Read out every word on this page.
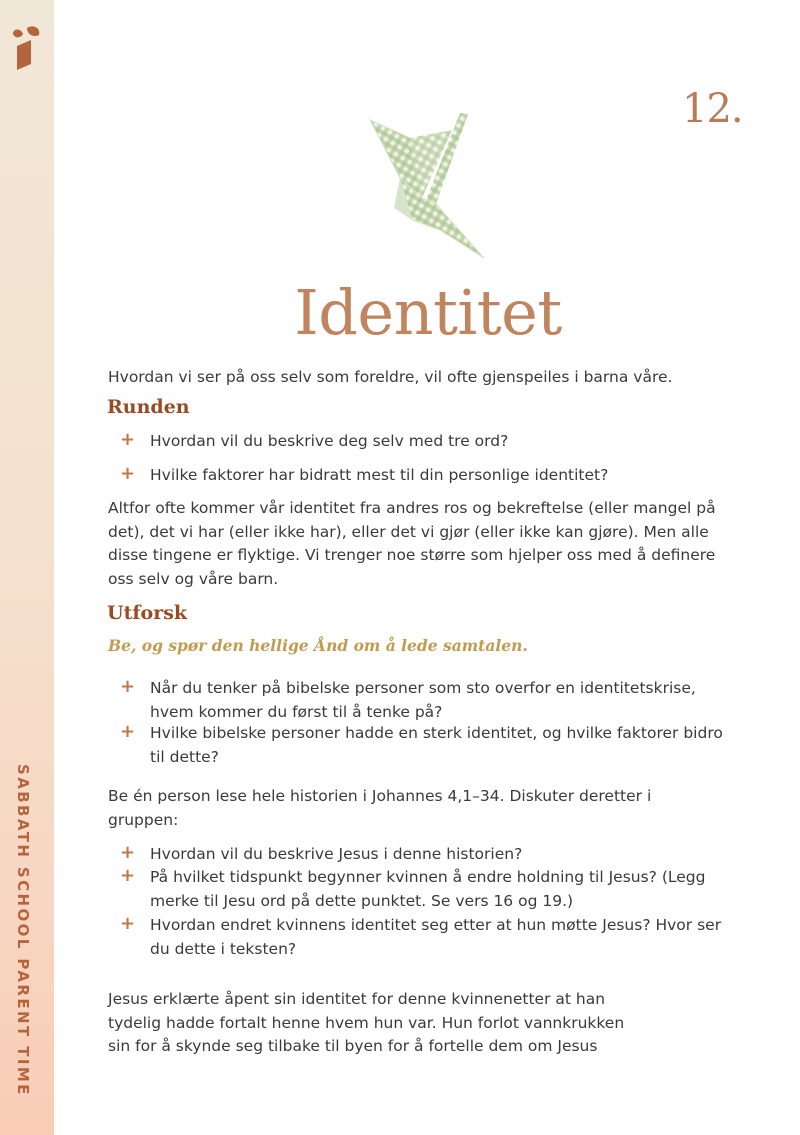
SABBATH SCHOOL PARENT TIME
12.
Identitet
Hvordan vi ser på oss selv som foreldre, vil ofte gjenspeiles i barna våre.
Runden
+ Hvordan vil du beskrive deg selv med tre ord?
+ Hvilke faktorer har bidratt mest til din personlige identitet?
Altfor ofte kommer vår identitet fra andres ros og bekreftelse (eller mangel på det), det vi har (eller ikke har), eller det vi gjør (eller ikke kan gjøre). Men alle disse tingene er flyktige. Vi trenger noe større som hjelper oss med å definere oss selv og våre barn.
Utforsk
Be, og spør den hellige Ånd om å lede samtalen.
+ Når du tenker på bibelske personer som sto overfor en identitetskrise, hvem kommer du først til å tenke på?
+ Hvilke bibelske personer hadde en sterk identitet, og hvilke faktorer bidro til dette?
Be én person lese hele historien i Johannes 4,1–34. Diskuter deretter i gruppen:
+ Hvordan vil du beskrive Jesus i denne historien?
+ På hvilket tidspunkt begynner kvinnen å endre holdning til Jesus? (Legg merke til Jesu ord på dette punktet. Se vers 16 og 19.)
+ Hvordan endret kvinnens identitet seg etter at hun møtte Jesus? Hvor ser du dette i teksten?
Jesus erklærte åpent sin identitet for denne kvinnenetter at han tydelig hadde fortalt henne hvem hun var. Hun forlot vannkrukken sin for å skynde seg tilbake til byen for å fortelle dem om Jesus
